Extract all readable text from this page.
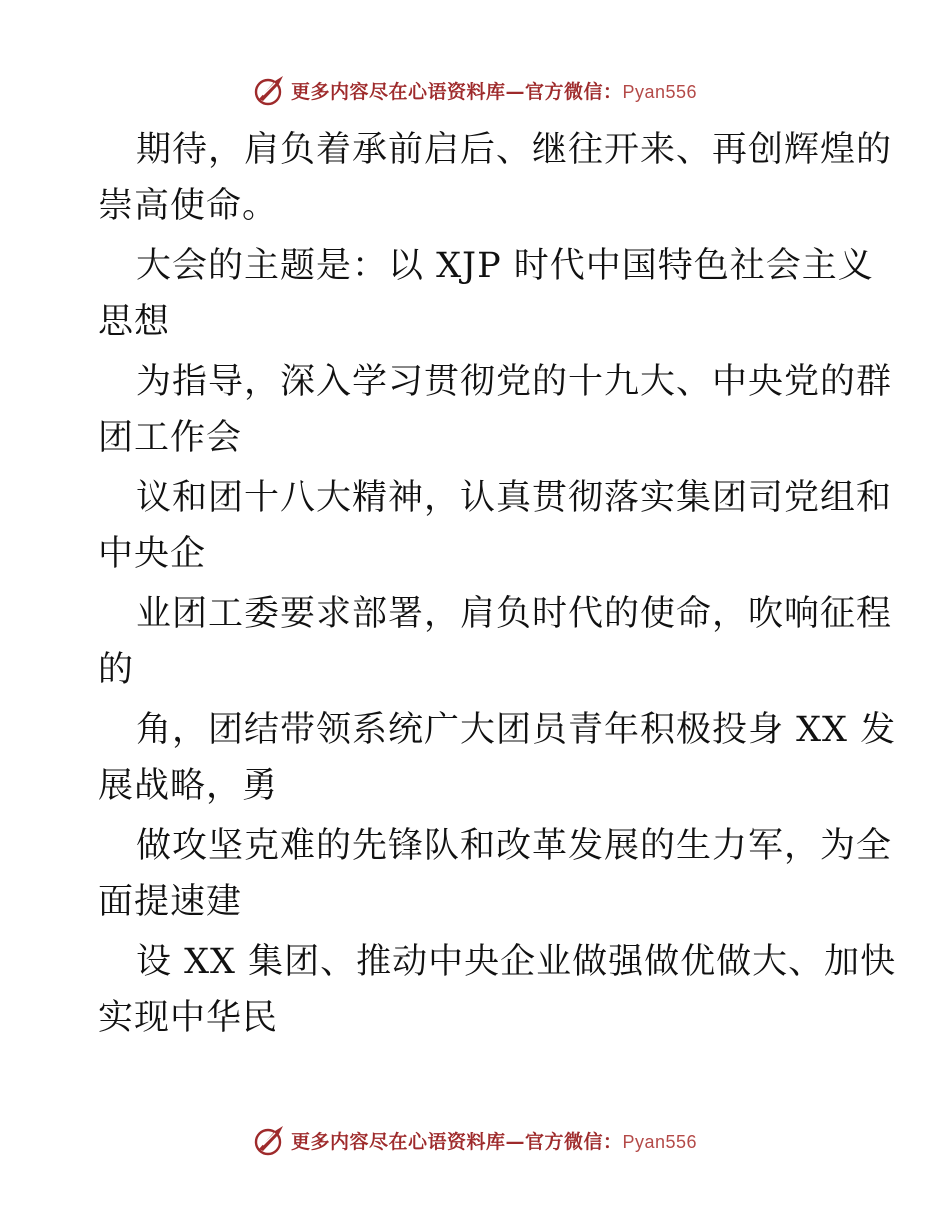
更多内容尽在心语资料库—官方微信：Pyan556
期待，肩负着承前启后、继往开来、再创辉煌的
崇高使命。
大会的主题是：以 XJP 时代中国特色社会主义
思想
为指导，深入学习贯彻党的十九大、中央党的群
团工作会
议和团十八大精神，认真贯彻落实集团司党组和
中央企
业团工委要求部署，肩负时代的使命，吹响征程
的
角，团结带领系统广大团员青年积极投身 XX 发
展战略，勇
做攻坚克难的先锋队和改革发展的生力军，为全
面提速建
设 XX 集团、推动中央企业做强做优做大、加快
实现中华民
更多内容尽在心语资料库—官方微信：Pyan556
